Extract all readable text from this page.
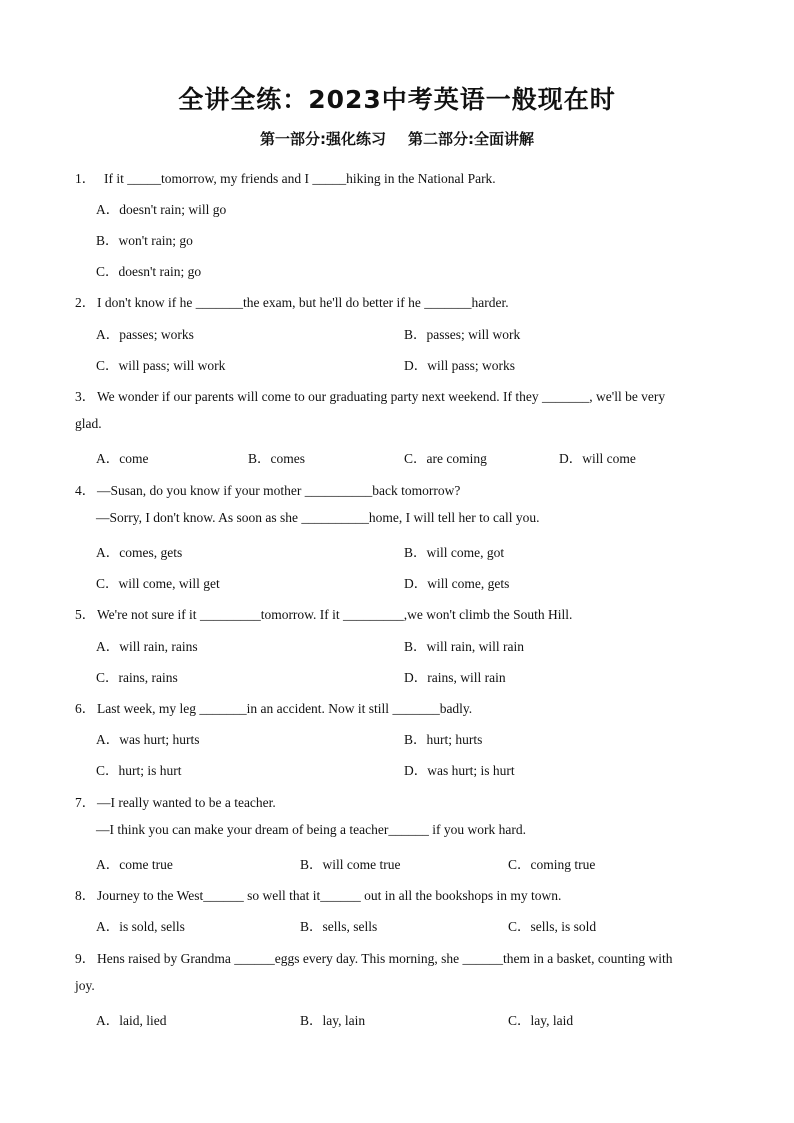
全讲全练：2023中考英语一般现在时
第一部分:强化练习 第二部分:全面讲解
1． If it _____tomorrow, my friends and I _____hiking in the National Park.
A．doesn't rain; will go
B．won't rain; go
C．doesn't rain; go
2． I don't know if he _______the exam, but he'll do better if he _______harder.
A．passes; works	B．passes; will work
C．will pass; will work	D．will pass; works
3． We wonder if our parents will come to our graduating party next weekend. If they _______, we'll be very
glad.
A．come	B．comes	C．are coming	D．will come
4． —Susan, do you know if your mother __________back tomorrow?
—Sorry, I don't know. As soon as she __________home, I will tell her to call you.
A．comes, gets	B．will come, got
C．will come, will get	D．will come, gets
5． We're not sure if it _________tomorrow. If it _________,we won't climb the South Hill.
A．will rain, rains	B．will rain, will rain
C．rains, rains	D．rains, will rain
6． Last week, my leg _______in an accident. Now it still _______badly.
A．was hurt; hurts	B．hurt; hurts
C．hurt; is hurt	D．was hurt; is hurt
7． —I really wanted to be a teacher.
—I think you can make your dream of being a teacher______ if you work hard.
A．come true	B．will come true	C．coming true
8． Journey to the West______ so well that it______ out in all the bookshops in my town.
A．is sold, sells	B．sells, sells	C．sells, is sold
9． Hens raised by Grandma ______eggs every day. This morning, she ______them in a basket, counting with
joy.
A．laid, lied	B．lay, lain	C．lay, laid
